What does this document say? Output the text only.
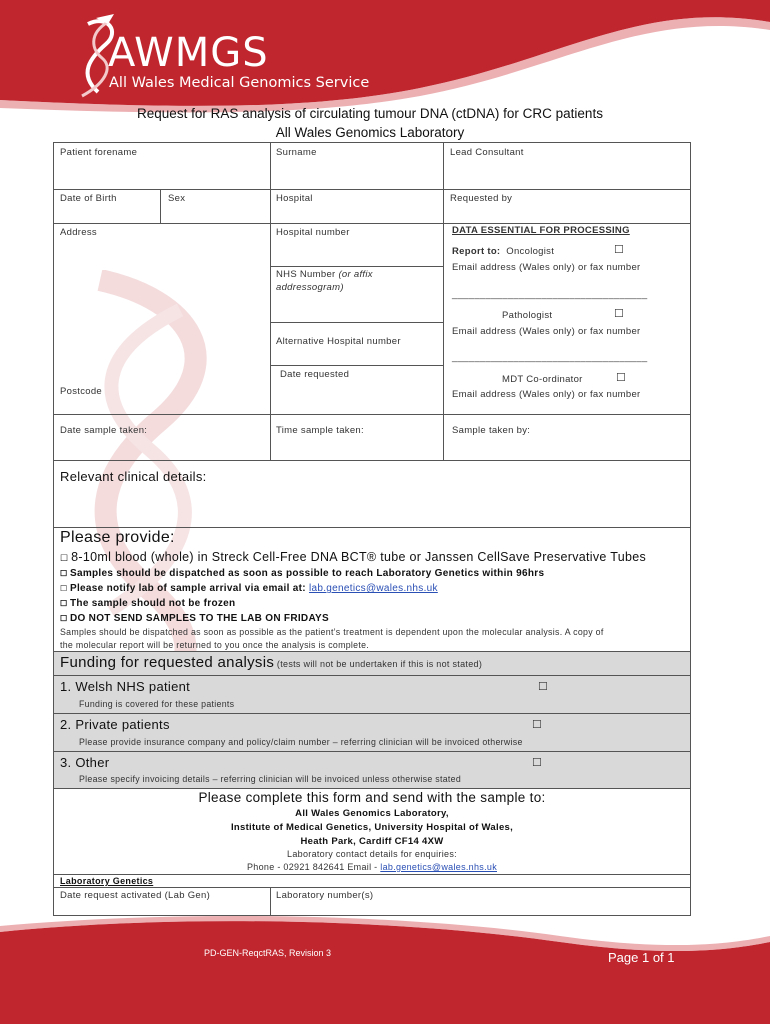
AWMGS
All Wales Medical Genomics Service
Request for RAS analysis of circulating tumour DNA (ctDNA) for CRC patients
All Wales Genomics Laboratory
Patient forename	Surname	Lead Consultant
Date of Birth	Sex	Hospital	Requested by
Address
Postcode
Hospital number
NHS Number (or affix
addressogram)
Alternative Hospital number
Date requested
DATA ESSENTIAL FOR PROCESSING
Report to: Oncologist	☐
Email address (Wales only) or fax number
___________________________________
Pathologist	☐
Email address (Wales only) or fax number
___________________________________
MDT Co-ordinator	☐
Email address (Wales only) or fax number
Date sample taken:	Time sample taken:	Sample taken by:
Relevant clinical details:
Please provide:
☐ 8-10ml blood (whole) in Streck Cell-Free DNA BCT® tube or Janssen CellSave Preservative Tubes
☐ Samples should be dispatched as soon as possible to reach Laboratory Genetics within 96hrs
☐ Please notify lab of sample arrival via email at: lab.genetics@wales.nhs.uk
☐ The sample should not be frozen
☐ DO NOT SEND SAMPLES TO THE LAB ON FRIDAYS
Samples should be dispatched as soon as possible as the patient’s treatment is dependent upon the molecular analysis. A copy of
the molecular report will be returned to you once the analysis is complete.
Funding for requested analysis (tests will not be undertaken if this is not stated)
1. Welsh NHS patient	☐
Funding is covered for these patients
2. Private patients	☐
Please provide insurance company and policy/claim number – referring clinician will be invoiced otherwise
3. Other	☐
Please specify invoicing details – referring clinician will be invoiced unless otherwise stated
Please complete this form and send with the sample to:
All Wales Genomics Laboratory,
Institute of Medical Genetics, University Hospital of Wales,
Heath Park, Cardiff CF14 4XW
Laboratory contact details for enquiries:
Phone - 02921 842641 Email - lab.genetics@wales.nhs.uk
Laboratory Genetics
Date request activated (Lab Gen)	Laboratory number(s)
PD-GEN-ReqctRAS, Revision 3	Page 1 of 1
